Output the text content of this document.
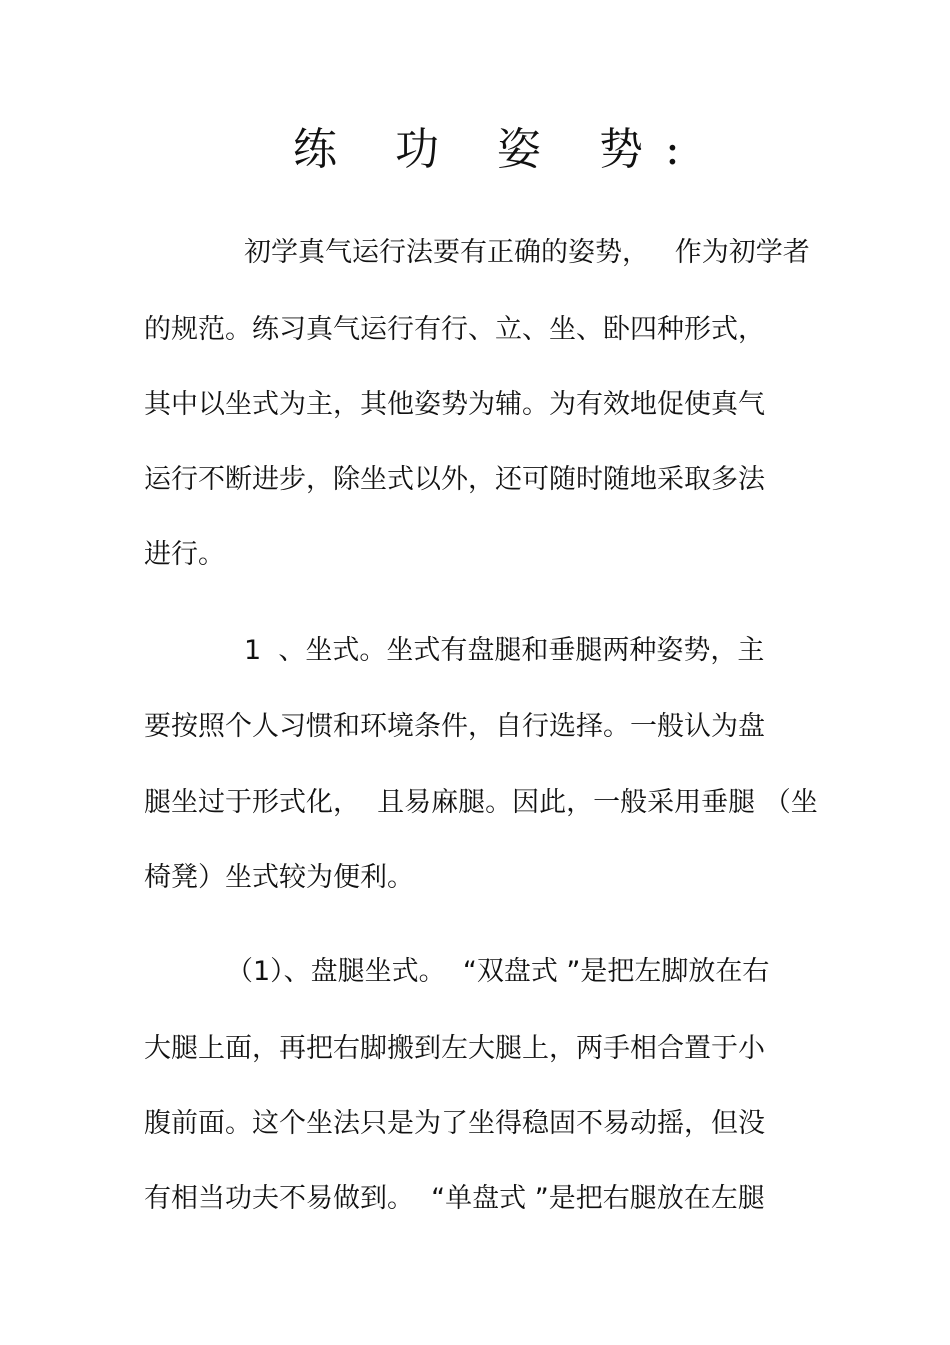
练 功 姿 势:
初学真气运行法要有正确的姿势，   作为初学者
的规范。练习真气运行有行、立、坐、卧四种形式，
其中以坐式为主，其他姿势为辅。为有效地促使真气
运行不断进步，除坐式以外，还可随时随地采取多法
进行。
1  、坐式。坐式有盘腿和垂腿两种姿势，主
要按照个人习惯和环境条件，自行选择。一般认为盘
腿坐过于形式化，  且易麻腿。因此，一般采用垂腿 （坐
椅凳）坐式较为便利。
（1）、盘腿坐式。  “双盘式 ”是把左脚放在右
大腿上面，再把右脚搬到左大腿上，两手相合置于小
腹前面。这个坐法只是为了坐得稳固不易动摇，但没
有相当功夫不易做到。  “单盘式 ”是把右腿放在左腿
